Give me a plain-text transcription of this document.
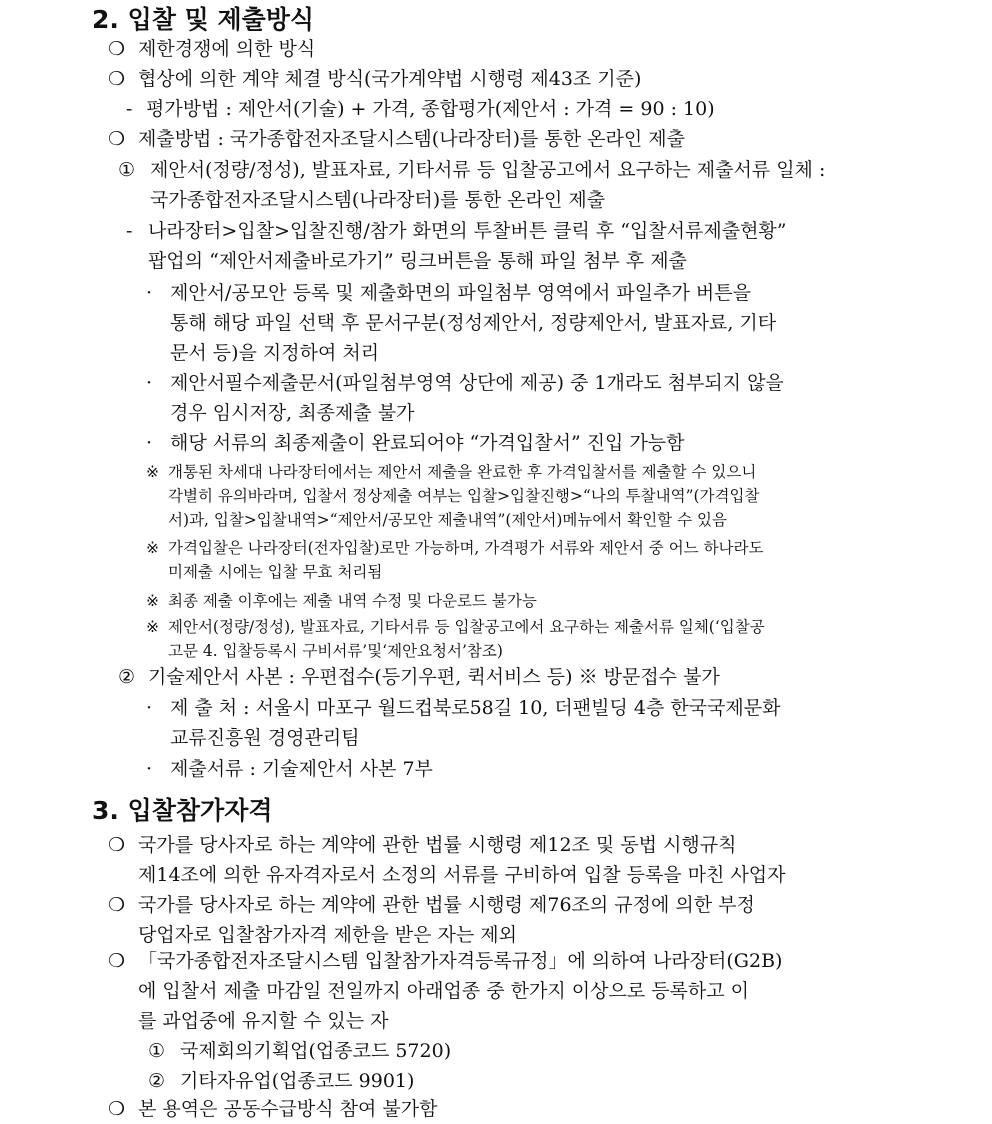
2. 입찰 및 제출방식
❍ 제한경쟁에 의한 방식
❍ 협상에 의한 계약 체결 방식(국가계약법 시행령 제43조 기준)
- 평가방법 : 제안서(기술) + 가격, 종합평가(제안서 : 가격 = 90 : 10)
❍ 제출방법 : 국가종합전자조달시스템(나라장터)를 통한 온라인 제출
① 제안서(정량/정성), 발표자료, 기타서류 등 입찰공고에서 요구하는 제출서류 일체 :
국가종합전자조달시스템(나라장터)를 통한 온라인 제출
- 나라장터>입찰>입찰진행/참가 화면의 투찰버튼 클릭 후 “입찰서류제출현황”
팝업의 “제안서제출바로가기” 링크버튼을 통해 파일 첨부 후 제출
· 제안서/공모안 등록 및 제출화면의 파일첨부 영역에서 파일추가 버튼을
통해 해당 파일 선택 후 문서구분(정성제안서, 정량제안서, 발표자료, 기타
문서 등)을 지정하여 처리
· 제안서필수제출문서(파일첨부영역 상단에 제공) 중 1개라도 첨부되지 않을
경우 임시저장, 최종제출 불가
· 해당 서류의 최종제출이 완료되어야 “가격입찰서” 진입 가능함
※ 개통된 차세대 나라장터에서는 제안서 제출을 완료한 후 가격입찰서를 제출할 수 있으니
각별히 유의바라며, 입찰서 정상제출 여부는 입찰>입찰진행>“나의 투찰내역”(가격입찰
서)과, 입찰>입찰내역>“제안서/공모안 제출내역”(제안서)메뉴에서 확인할 수 있음
※ 가격입찰은 나라장터(전자입찰)로만 가능하며, 가격평가 서류와 제안서 중 어느 하나라도
미제출 시에는 입찰 무효 처리됨
※ 최종 제출 이후에는 제출 내역 수정 및 다운로드 불가능
※ 제안서(정량/정성), 발표자료, 기타서류 등 입찰공고에서 요구하는 제출서류 일체(‘입찰공
고문 4. 입찰등록시 구비서류’및‘제안요청서’참조)
② 기술제안서 사본 : 우편접수(등기우편, 퀵서비스 등) ※ 방문접수 불가
· 제 출 처 : 서울시 마포구 월드컵북로58길 10, 더팬빌딩 4층 한국국제문화
교류진흥원 경영관리팀
· 제출서류 : 기술제안서 사본 7부
3. 입찰참가자격
❍ 국가를 당사자로 하는 계약에 관한 법률 시행령 제12조 및 동법 시행규칙
제14조에 의한 유자격자로서 소정의 서류를 구비하여 입찰 등록을 마친 사업자
❍ 국가를 당사자로 하는 계약에 관한 법률 시행령 제76조의 규정에 의한 부정
당업자로 입찰참가자격 제한을 받은 자는 제외
❍ 「국가종합전자조달시스템 입찰참가자격등록규정」에 의하여 나라장터(G2B)
에 입찰서 제출 마감일 전일까지 아래업종 중 한가지 이상으로 등록하고 이
를 과업중에 유지할 수 있는 자
① 국제회의기획업(업종코드 5720)
② 기타자유업(업종코드 9901)
❍ 본 용역은 공동수급방식 참여 불가함
